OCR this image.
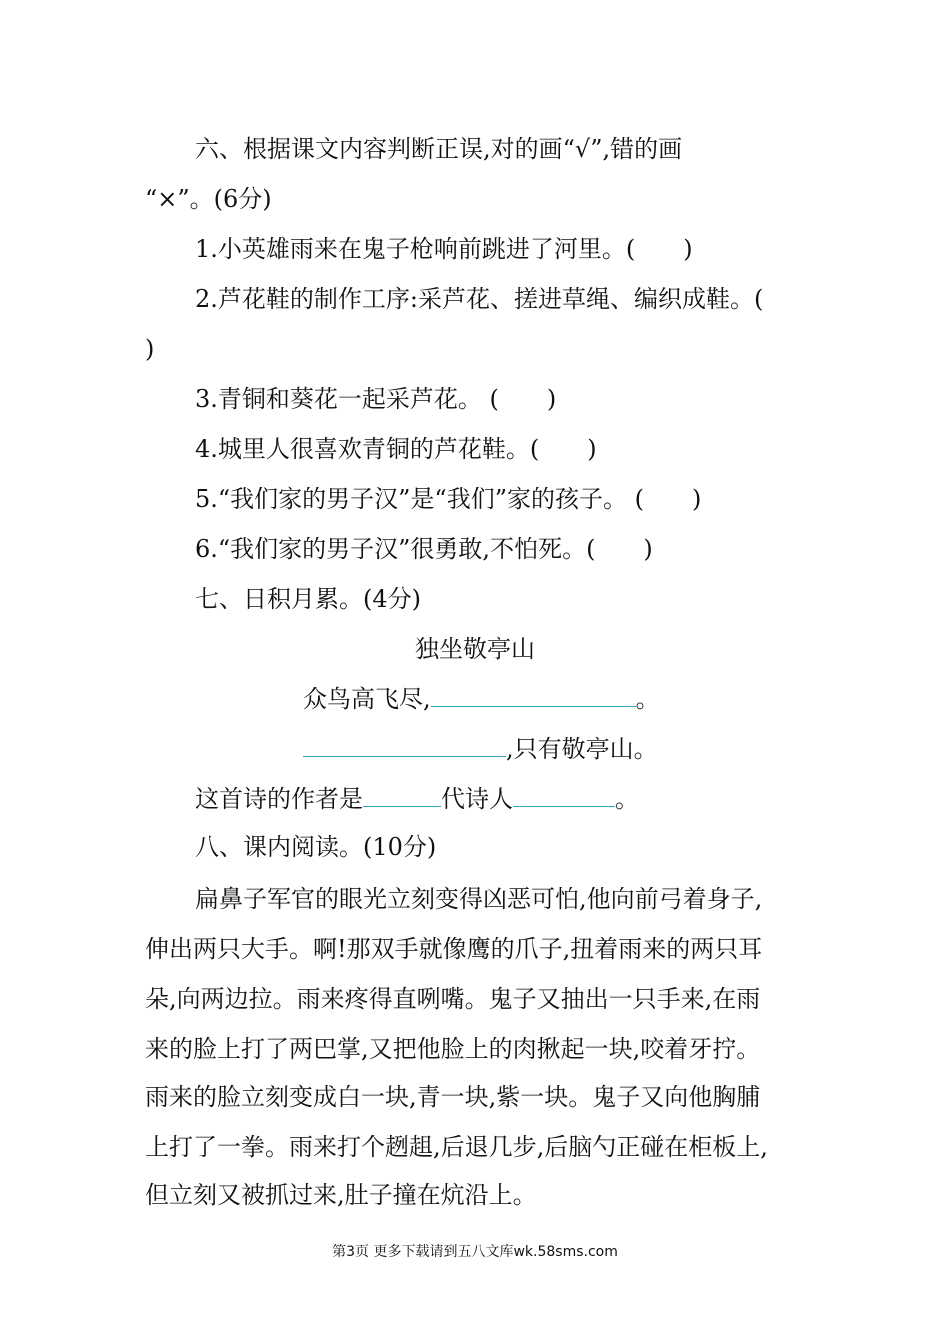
六、根据课文内容判断正误,对的画“√”,错的画
“×”。(6分)
1.小英雄雨来在鬼子枪响前跳进了河里。(　　)
2.芦花鞋的制作工序:采芦花、搓进草绳、编织成鞋。(
)
3.青铜和葵花一起采芦花。 (　　)
4.城里人很喜欢青铜的芦花鞋。(　　)
5.“我们家的男子汉”是“我们”家的孩子。 (　　)
6.“我们家的男子汉”很勇敢,不怕死。(　　)
七、日积月累。(4分)
独坐敬亭山
众鸟高飞尽,	。
,只有敬亭山。
这首诗的作者是	代诗人	。
八、课内阅读。(10分)
扁鼻子军官的眼光立刻变得凶恶可怕,他向前弓着身子,
伸出两只大手。啊!那双手就像鹰的爪子,扭着雨来的两只耳
朵,向两边拉。雨来疼得直咧嘴。鬼子又抽出一只手来,在雨
来的脸上打了两巴掌,又把他脸上的肉揪起一块,咬着牙拧。
雨来的脸立刻变成白一块,青一块,紫一块。鬼子又向他胸脯
上打了一拳。雨来打个趔趄,后退几步,后脑勺正碰在柜板上,
但立刻又被抓过来,肚子撞在炕沿上。
第3页 更多下载请到五八文库wk.58sms.com
